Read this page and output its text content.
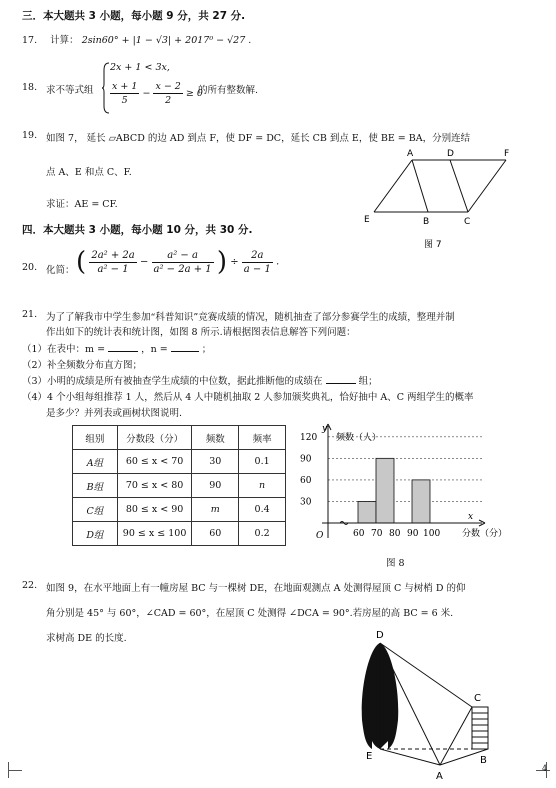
三．本大题共 3 小题，每小题 9 分，共 27 分.
17. 计算： 2sin60° + |1 − √3| + 2017⁰ − √27 .
18. 求不等式组
2x + 1 < 3x,
$\frac{x + 1}{5} - \frac{x - 2}{2} \ge 0$
的所有整数解.
19. 如图 7， 延长 ▱ABCD 的边 AD 到点 F，使 DF = DC，延长 CB 到点 E，使 BE = BA，分别连结
点 A、E 和点 C、F.
求证：AE = CF.
A	D	F
E	B	C
图 7
四．本大题共 3 小题，每小题 10 分，共 30 分.
20. 化简： ( $\frac{\text{2a² + 2a}}{\text{a² − 1}} - \frac{\text{a² − a}}{\text{a² − 2a + 1}}$ ) ÷ $\frac{2a}{a - 1}$ .
21. 为了了解我市中学生参加“科普知识”竞赛成绩的情况，随机抽查了部分参赛学生的成绩，整理并制
作出如下的统计表和统计图，如图 8 所示.请根据图表信息解答下列问题：
（1）在表中：m =	，n =	；
（2）补全频数分布直方图；
（3）小明的成绩是所有被抽查学生成绩的中位数，据此推断他的成绩在	组；
（4）4 个小组每组推荐 1 人，然后从 4 人中随机抽取 2 人参加颁奖典礼，恰好抽中 A、C 两组学生的概率
是多少？并列表或画树状图说明.
组别	分数段（分）	频数	频率
A组	60 ≤ x < 70	30	0.1
B组	70 ≤ x < 80	90	n
C组	80 ≤ x < 90	m	0.4
D组	90 ≤ x ≤ 100	60	0.2
30
60
90
120
60 70 80 90 100
y
频数（人）
x
分数（分）
O
图 8
22. 如图 9，在水平地面上有一幢房屋 BC 与一棵树 DE，在地面观测点 A 处测得屋顶 C 与树梢 D 的仰
角分别是 45° 与 60°，∠CAD = 60°，在屋顶 C 处测得 ∠DCA = 90°.若房屋的高 BC = 6 米.
求树高 DE 的长度.	D
C
E
A
B
4
